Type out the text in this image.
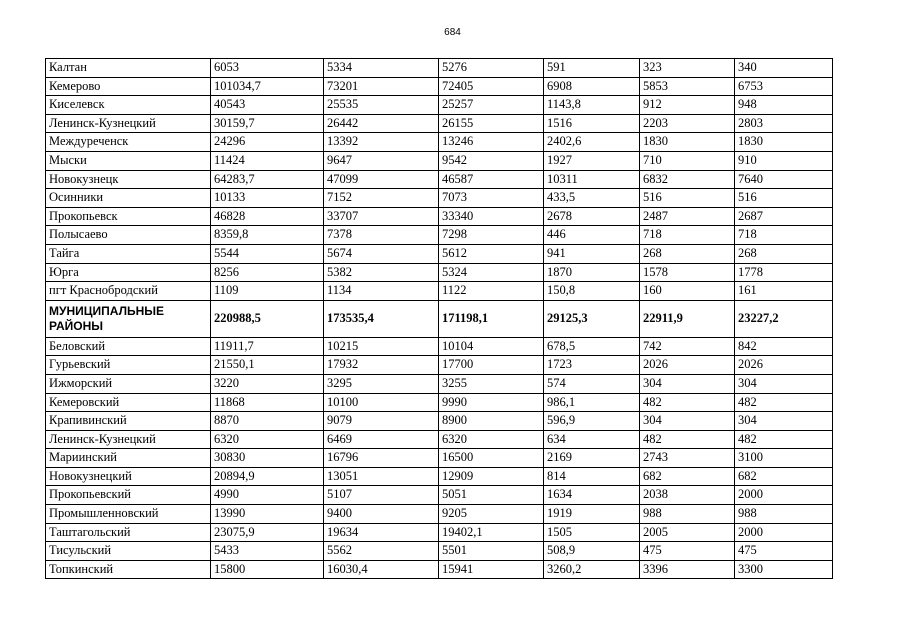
684
Калтан	6053	5334	5276	591	323	340
Кемерово	101034,7	73201	72405	6908	5853	6753
Киселевск	40543	25535	25257	1143,8	912	948
Ленинск-Кузнецкий	30159,7	26442	26155	1516	2203	2803
Междуреченск	24296	13392	13246	2402,6	1830	1830
Мыски	11424	9647	9542	1927	710	910
Новокузнецк	64283,7	47099	46587	10311	6832	7640
Осинники	10133	7152	7073	433,5	516	516
Прокопьевск	46828	33707	33340	2678	2487	2687
Полысаево	8359,8	7378	7298	446	718	718
Тайга	5544	5674	5612	941	268	268
Юрга	8256	5382	5324	1870	1578	1778
пгт Краснобродский	1109	1134	1122	150,8	160	161
МУНИЦИПАЛЬНЫЕ РАЙОНЫ	220988,5	173535,4	171198,1	29125,3	22911,9	23227,2
Беловский	11911,7	10215	10104	678,5	742	842
Гурьевский	21550,1	17932	17700	1723	2026	2026
Ижморский	3220	3295	3255	574	304	304
Кемеровский	11868	10100	9990	986,1	482	482
Крапивинский	8870	9079	8900	596,9	304	304
Ленинск-Кузнецкий	6320	6469	6320	634	482	482
Мариинский	30830	16796	16500	2169	2743	3100
Новокузнецкий	20894,9	13051	12909	814	682	682
Прокопьевский	4990	5107	5051	1634	2038	2000
Промышленновский	13990	9400	9205	1919	988	988
Таштагольский	23075,9	19634	19402,1	1505	2005	2000
Тисульский	5433	5562	5501	508,9	475	475
Топкинский	15800	16030,4	15941	3260,2	3396	3300
